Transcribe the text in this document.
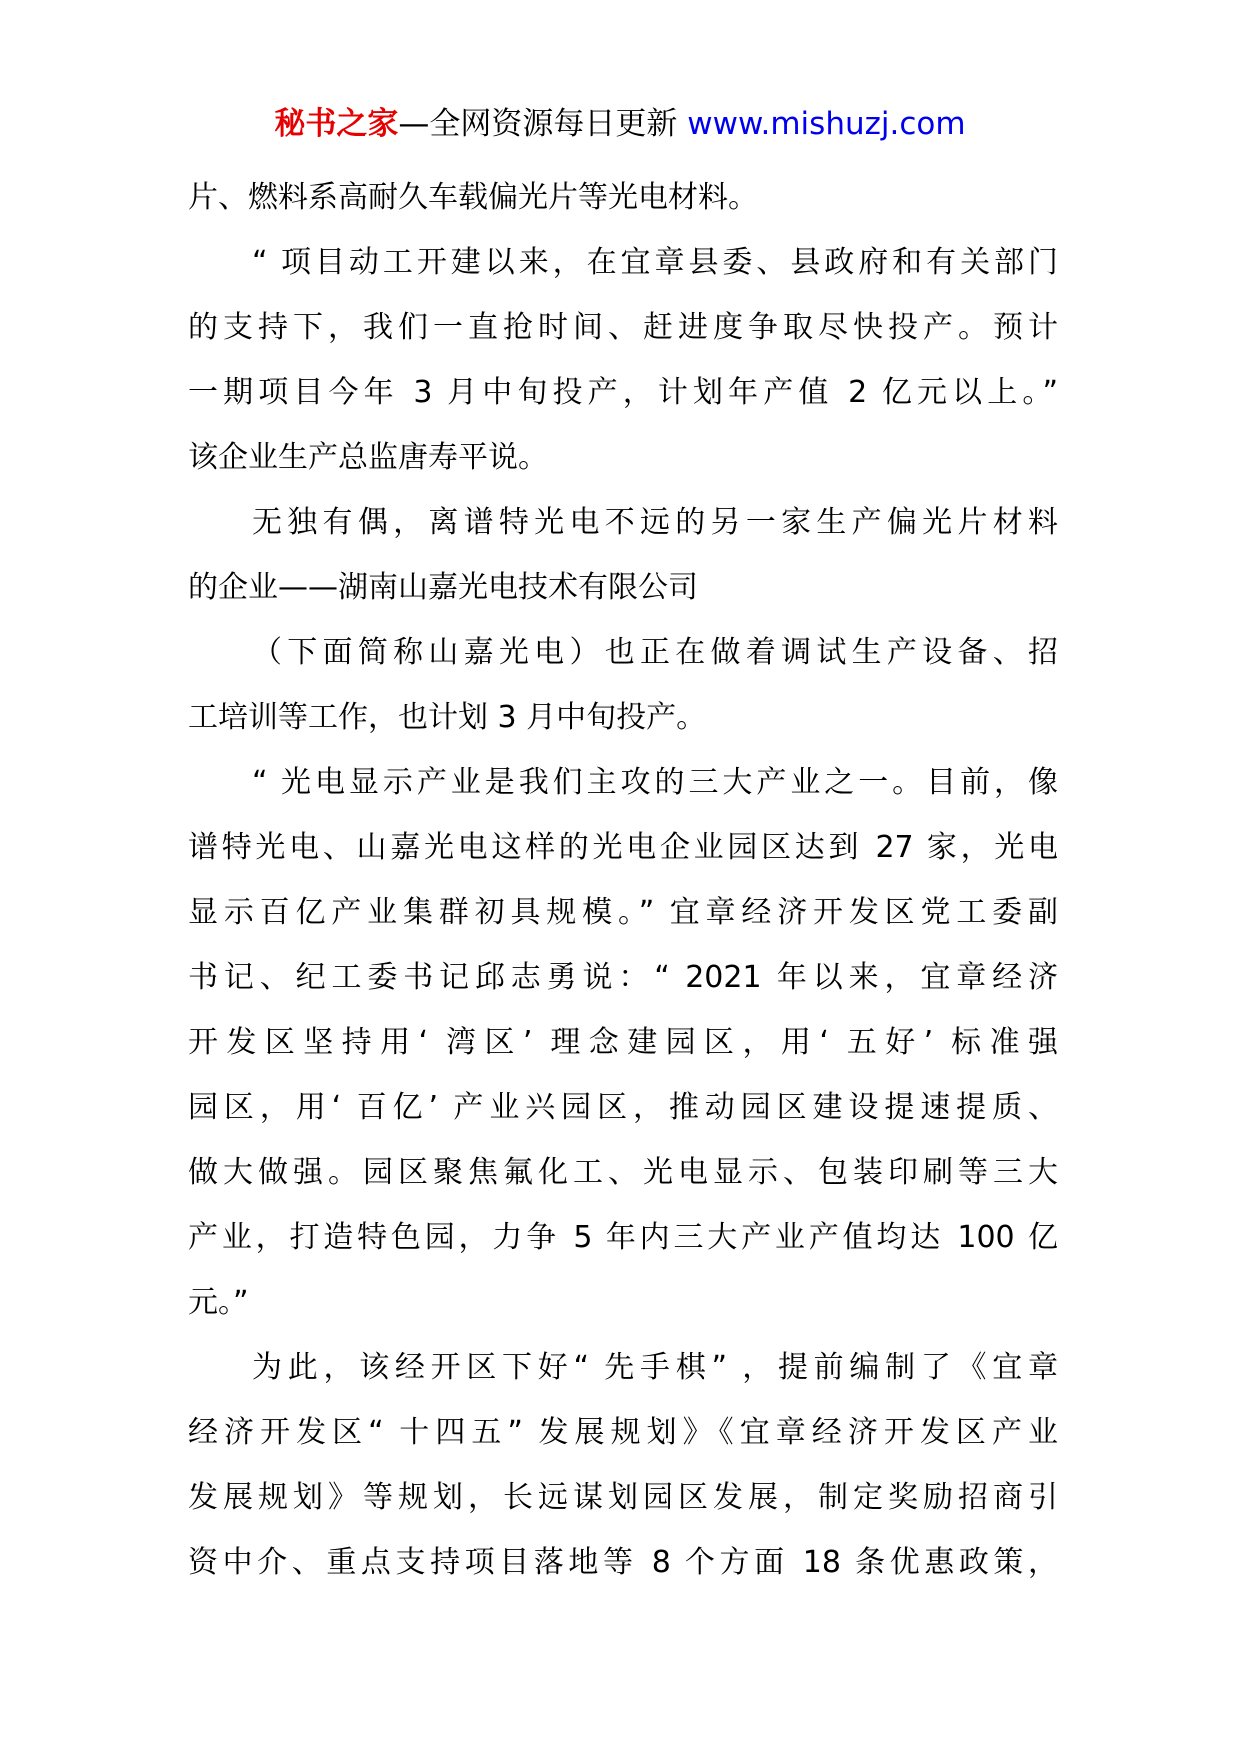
秘书之家—全网资源每日更新 www.mishuzj.com

片、燃料系高耐久车载偏光片等光电材料。

“ 项目动工开建以来，在宜章县委、县政府和有关部门
的支持下，我们一直抢时间、赶进度争取尽快投产。预计
一期项目今年 3 月中旬投产，计划年产值 2 亿元以上。”
该企业生产总监唐寿平说。

无独有偶，离谱特光电不远的另一家生产偏光片材料
的企业——湖南山嘉光电技术有限公司

（下面简称山嘉光电）也正在做着调试生产设备、招
工培训等工作，也计划 3 月中旬投产。

“ 光电显示产业是我们主攻的三大产业之一。目前，像
谱特光电、山嘉光电这样的光电企业园区达到 27 家，光电
显示百亿产业集群初具规模。” 宜章经济开发区党工委副
书记、纪工委书记邱志勇说：“ 2021 年以来，宜章经济
开发区坚持用‘ 湾区’ 理念建园区，用‘ 五好’ 标准强
园区，用‘ 百亿’ 产业兴园区，推动园区建设提速提质、
做大做强。园区聚焦氟化工、光电显示、包装印刷等三大
产业，打造特色园，力争 5 年内三大产业产值均达 100 亿
元。”

为此，该经开区下好“ 先手棋” ，提前编制了《宜章
经济开发区“ 十四五” 发展规划》《宜章经济开发区产业
发展规划》等规划，长远谋划园区发展，制定奖励招商引
资中介、重点支持项目落地等 8 个方面 18 条优惠政策，
